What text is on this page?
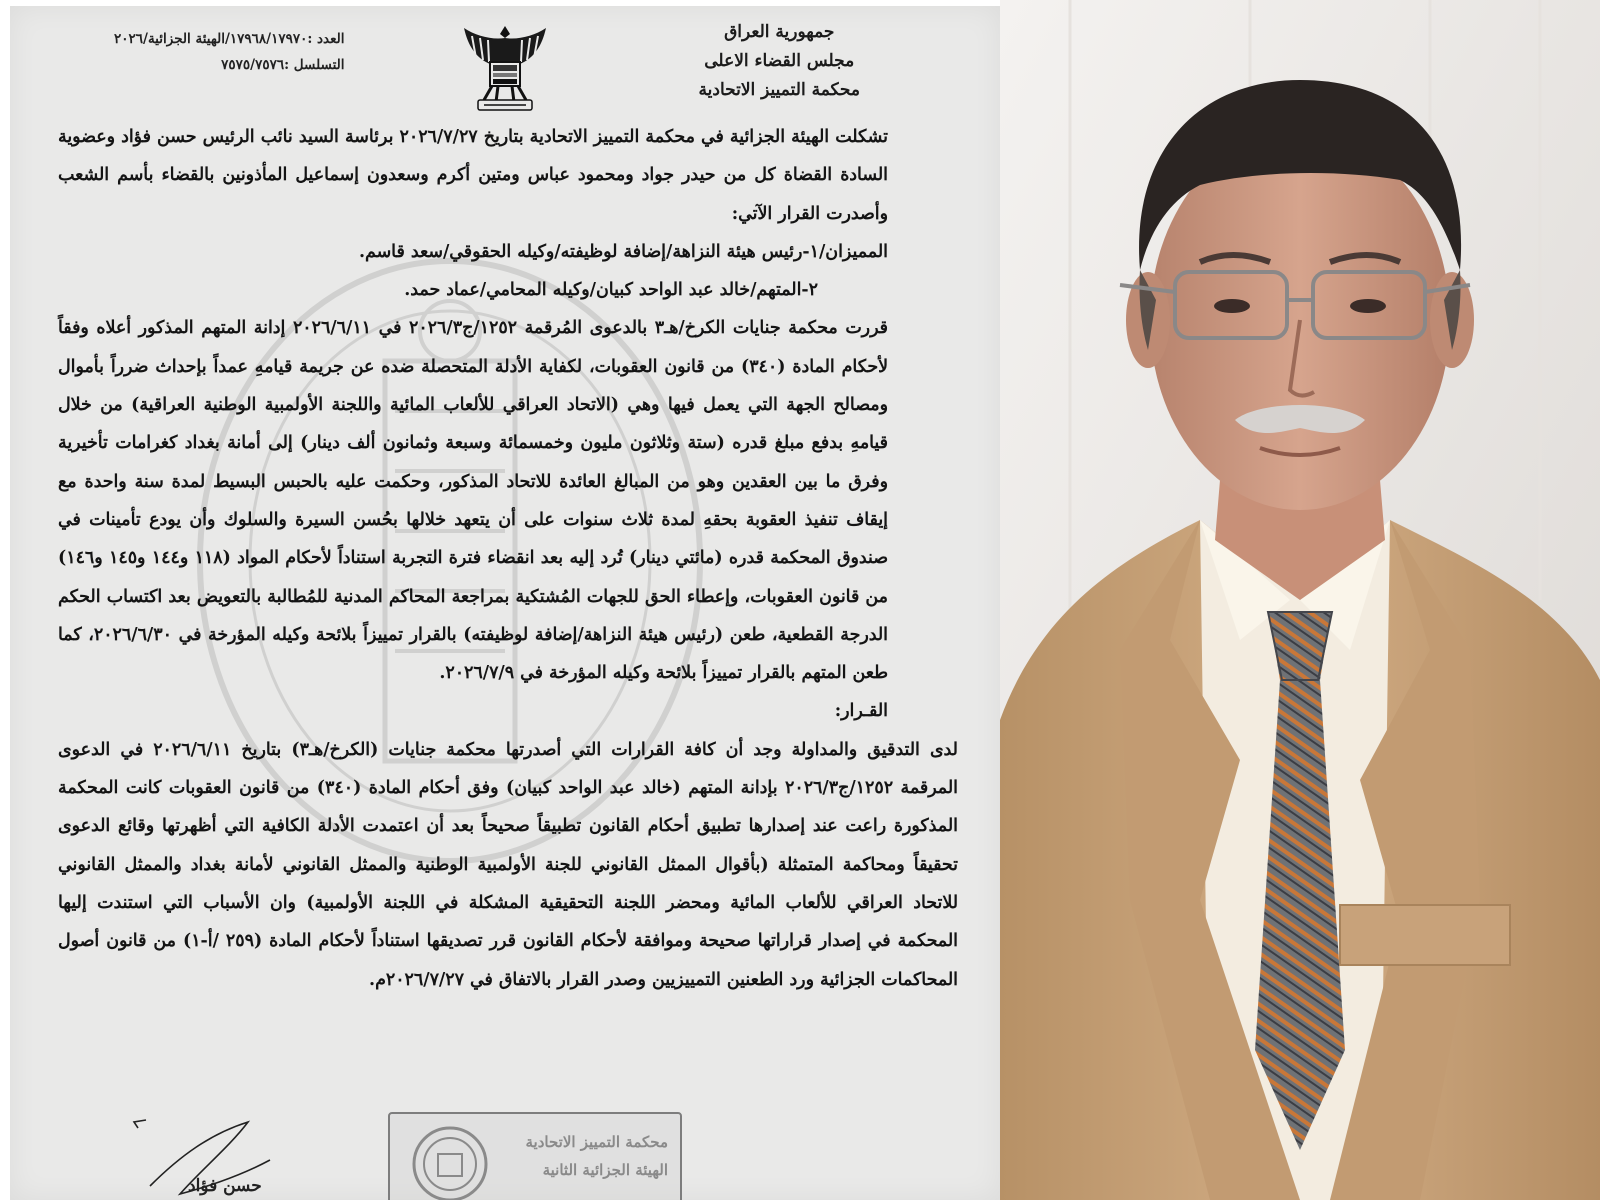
جمهورية العراق
مجلس القضاء الاعلى
محكمة التمييز الاتحادية
العدد :١٧٩٦٨/١٧٩٧٠/الهيئة الجزائية/٢٠٢٦
التسلسل :٧٥٧٥/٧٥٧٦

تشكلت الهيئة الجزائية في محكمة التمييز الاتحادية بتاريخ ٢٠٢٦/٧/٢٧ برئاسة السيد نائب الرئيس حسن فؤاد وعضوية السادة القضاة كل من حيدر جواد ومحمود عباس ومتين أكرم وسعدون إسماعيل المأذونين بالقضاء بأسم الشعب وأصدرت القرار الآتي:

المميزان/١-رئيس هيئة النزاهة/إضافة لوظيفته/وكيله الحقوقي/سعد قاسم.

٢-المتهم/خالد عبد الواحد كبيان/وكيله المحامي/عماد حمد.

قررت محكمة جنايات الكرخ/هـ٣ بالدعوى المُرقمة ١٢٥٢/ج٢٠٢٦/٣ في ٢٠٢٦/٦/١١ إدانة المتهم المذكور أعلاه وفقاً لأحكام المادة (٣٤٠) من قانون العقوبات، لكفاية الأدلة المتحصلة ضده عن جريمة قيامهِ عمداً بإحداث ضرراً بأموال ومصالح الجهة التي يعمل فيها وهي (الاتحاد العراقي للألعاب المائية واللجنة الأولمبية الوطنية العراقية) من خلال قيامهِ بدفع مبلغ قدره (ستة وثلاثون مليون وخمسمائة وسبعة وثمانون ألف دينار) إلى أمانة بغداد كغرامات تأخيرية وفرق ما بين العقدين وهو من المبالغ العائدة للاتحاد المذكور، وحكمت عليه بالحبس البسيط لمدة سنة واحدة مع إيقاف تنفيذ العقوبة بحقهِ لمدة ثلاث سنوات على أن يتعهد خلالها بحُسن السيرة والسلوك وأن يودع تأمينات في صندوق المحكمة قدره (مائتي دينار) تُرد إليه بعد انقضاء فترة التجربة استناداً لأحكام المواد (١١٨ و١٤٤ و١٤٥ و١٤٦) من قانون العقوبات، وإعطاء الحق للجهات المُشتكية بمراجعة المحاكم المدنية للمُطالبة بالتعويض بعد اكتساب الحكم الدرجة القطعية، طعن (رئيس هيئة النزاهة/إضافة لوظيفته) بالقرار تمييزاً بلائحة وكيله المؤرخة في ٢٠٢٦/٦/٣٠، كما طعن المتهم بالقرار تمييزاً بلائحة وكيله المؤرخة في ٢٠٢٦/٧/٩.

القـرار:

لدى التدقيق والمداولة وجد أن كافة القرارات التي أصدرتها محكمة جنايات (الكرخ/هـ٣) بتاريخ ٢٠٢٦/٦/١١ في الدعوى المرقمة ١٢٥٢/ج٢٠٢٦/٣ بإدانة المتهم (خالد عبد الواحد كبيان) وفق أحكام المادة (٣٤٠) من قانون العقوبات كانت المحكمة المذكورة راعت عند إصدارها تطبيق أحكام القانون تطبيقاً صحيحاً بعد أن اعتمدت الأدلة الكافية التي أظهرتها وقائع الدعوى تحقيقاً ومحاكمة المتمثلة (بأقوال الممثل القانوني للجنة الأولمبية الوطنية والممثل القانوني لأمانة بغداد والممثل القانوني للاتحاد العراقي للألعاب المائية ومحضر اللجنة التحقيقية المشكلة في اللجنة الأولمبية) وان الأسباب التي استندت إليها المحكمة في إصدار قراراتها صحيحة وموافقة لأحكام القانون قرر تصديقها استناداً لأحكام المادة (٢٥٩ /أ-١) من قانون أصول المحاكمات الجزائية ورد الطعنين التمييزيين وصدر القرار بالاتفاق في ٢٠٢٦/٧/٢٧م.

محكمة التمييز الاتحادية
الهيئة الجزائية الثانية
حسن فؤاد
